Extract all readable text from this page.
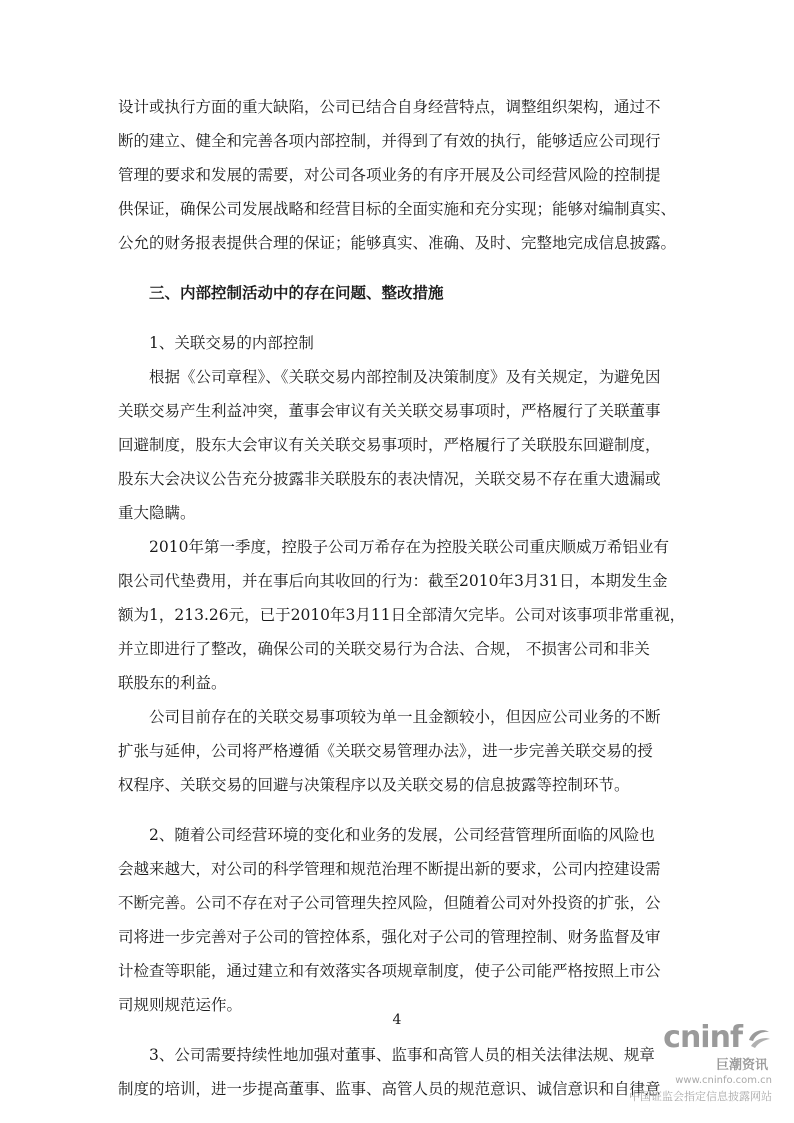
设计或执行方面的重大缺陷，公司已结合自身经营特点，调整组织架构，通过不
断的建立、健全和完善各项内部控制，并得到了有效的执行，能够适应公司现行
管理的要求和发展的需要，对公司各项业务的有序开展及公司经营风险的控制提
供保证，确保公司发展战略和经营目标的全面实施和充分实现；能够对编制真实、
公允的财务报表提供合理的保证；能够真实、准确、及时、完整地完成信息披露。
三、内部控制活动中的存在问题、整改措施
1、关联交易的内部控制
根据《公司章程》、《关联交易内部控制及决策制度》及有关规定，为避免因
关联交易产生利益冲突，董事会审议有关关联交易事项时，严格履行了关联董事
回避制度，股东大会审议有关关联交易事项时，严格履行了关联股东回避制度，
股东大会决议公告充分披露非关联股东的表决情况，关联交易不存在重大遗漏或
重大隐瞒。
2010年第一季度，控股子公司万希存在为控股关联公司重庆顺威万希铝业有
限公司代垫费用，并在事后向其收回的行为：截至2010年3月31日，本期发生金
额为1，213.26元，已于2010年3月11日全部清欠完毕。公司对该事项非常重视，
并立即进行了整改，确保公司的关联交易行为合法、合规， 不损害公司和非关
联股东的利益。
公司目前存在的关联交易事项较为单一且金额较小，但因应公司业务的不断
扩张与延伸，公司将严格遵循《关联交易管理办法》，进一步完善关联交易的授
权程序、关联交易的回避与决策程序以及关联交易的信息披露等控制环节。
2、随着公司经营环境的变化和业务的发展，公司经营管理所面临的风险也
会越来越大，对公司的科学管理和规范治理不断提出新的要求，公司内控建设需
不断完善。公司不存在对子公司管理失控风险，但随着公司对外投资的扩张，公
司将进一步完善对子公司的管控体系，强化对子公司的管理控制、财务监督及审
计检查等职能，通过建立和有效落实各项规章制度，使子公司能严格按照上市公
司规则规范运作。
3、公司需要持续性地加强对董事、监事和高管人员的相关法律法规、规章
制度的培训，进一步提高董事、监事、高管人员的规范意识、诚信意识和自律意
4	cninf
巨潮资讯
www.cninfo.com.cn
中国证监会指定信息披露网站
